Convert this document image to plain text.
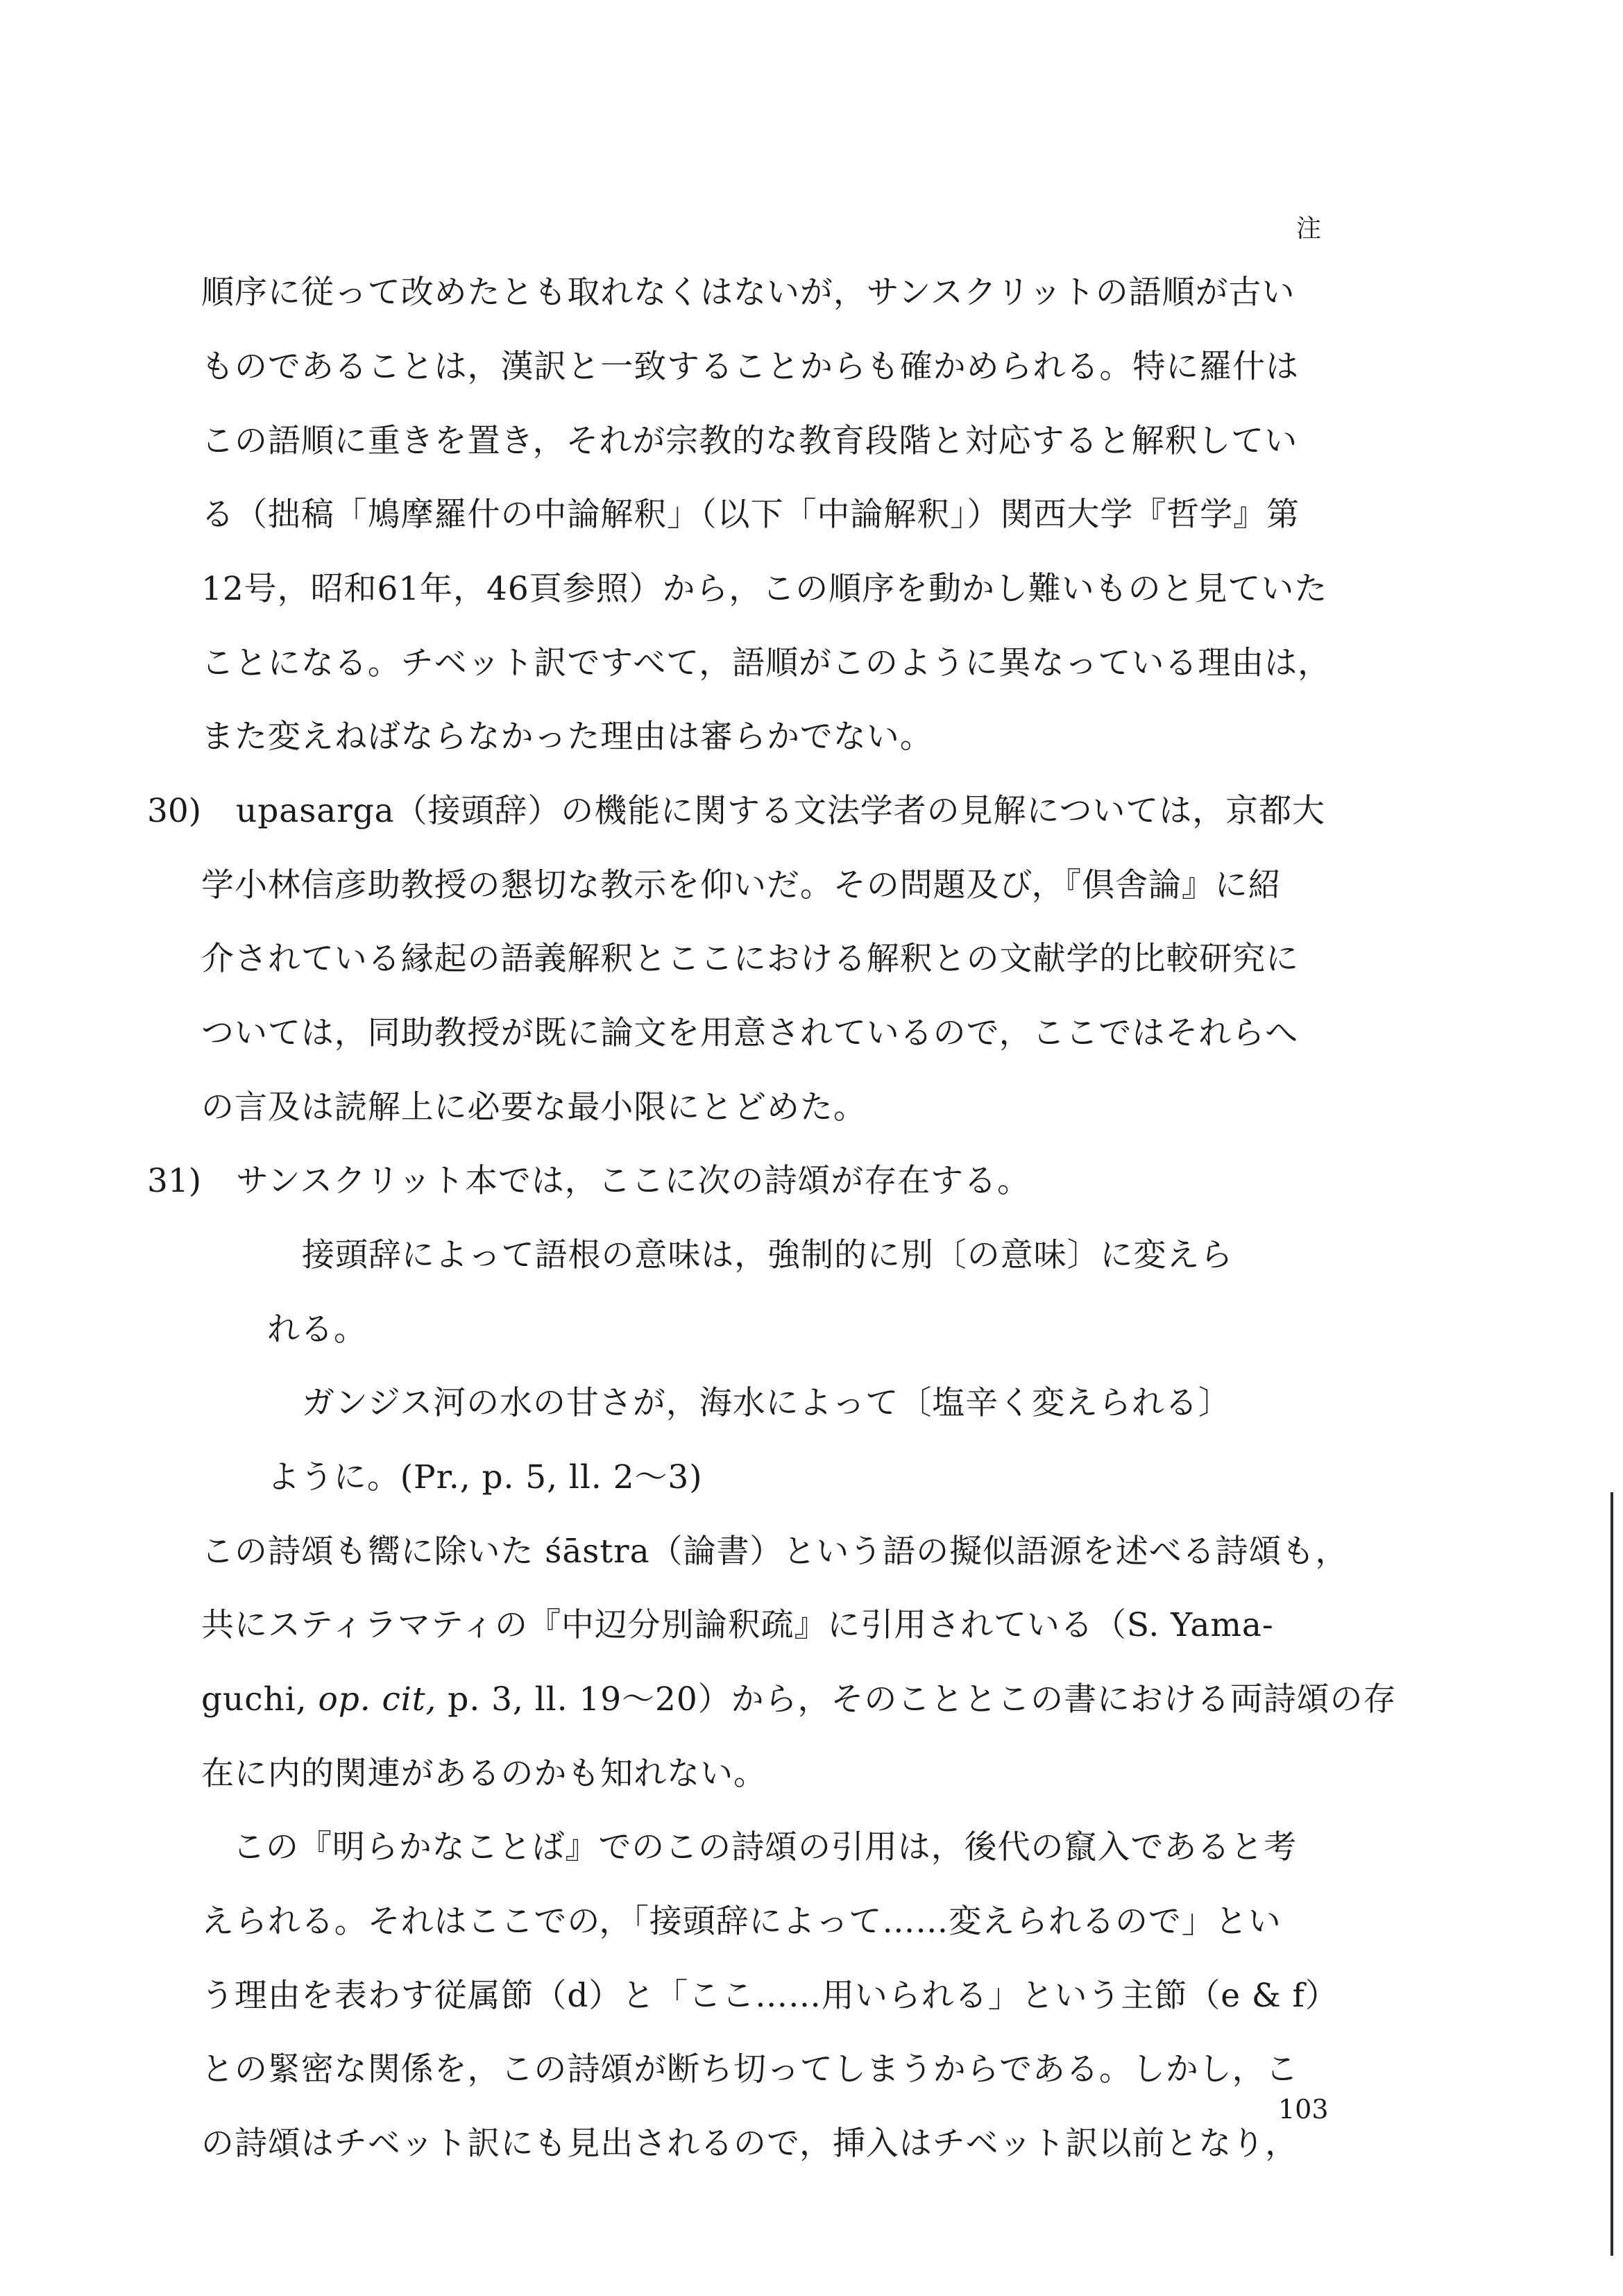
注
順序に従って改めたとも取れなくはないが，サンスクリットの語順が古い
ものであることは，漢訳と一致することからも確かめられる。特に羅什は
この語順に重きを置き，それが宗教的な教育段階と対応すると解釈してい
る（拙稿「鳩摩羅什の中論解釈」（以下「中論解釈」）関西大学『哲学』第
12号，昭和61年，46頁参照）から，この順序を動かし難いものと見ていた
ことになる。チベット訳ですべて，語順がこのように異なっている理由は，
また変えねばならなかった理由は審らかでない。
30) upasarga（接頭辞）の機能に関する文法学者の見解については，京都大
学小林信彦助教授の懇切な教示を仰いだ。その問題及び，『倶舎論』に紹
介されている縁起の語義解釈とここにおける解釈との文献学的比較研究に
ついては，同助教授が既に論文を用意されているので，ここではそれらへ
の言及は読解上に必要な最小限にとどめた。
31) サンスクリット本では，ここに次の詩頌が存在する。
接頭辞によって語根の意味は，強制的に別〔の意味〕に変えら
れる。
ガンジス河の水の甘さが，海水によって〔塩辛く変えられる〕
ように。(Pr., p. 5, ll. 2～3)
この詩頌も嚮に除いた śāstra（論書）という語の擬似語源を述べる詩頌も，
共にスティラマティの『中辺分別論釈疏』に引用されている（S. Yama-
guchi, op. cit, p. 3, ll. 19～20）から，そのこととこの書における両詩頌の存
在に内的関連があるのかも知れない。
この『明らかなことば』でのこの詩頌の引用は，後代の竄入であると考
えられる。それはここでの，「接頭辞によって……変えられるので」とい
う理由を表わす従属節（d）と「ここ……用いられる」という主節（e & f）
との緊密な関係を，この詩頌が断ち切ってしまうからである。しかし，こ
の詩頌はチベット訳にも見出されるので，挿入はチベット訳以前となり，
103
